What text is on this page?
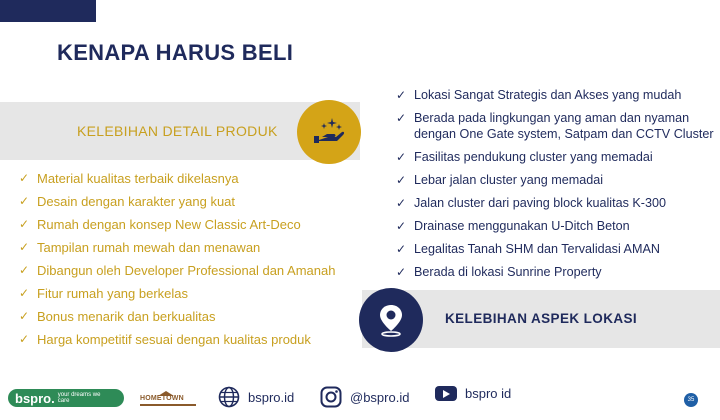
KENAPA HARUS BELI
KELEBIHAN DETAIL PRODUK
✓ Material kualitas terbaik dikelasnya
✓ Desain dengan karakter yang kuat
✓ Rumah dengan konsep New Classic Art-Deco
✓ Tampilan rumah mewah dan menawan
✓ Dibangun oleh Developer Professional dan Amanah
✓ Fitur rumah yang berkelas
✓ Bonus menarik dan berkualitas
✓ Harga kompetitif sesuai dengan kualitas produk
✓ Lokasi Sangat Strategis dan Akses yang mudah
✓ Berada pada lingkungan yang aman dan nyaman dengan One Gate system, Satpam dan CCTV Cluster
✓ Fasilitas pendukung cluster yang memadai
✓ Lebar jalan cluster yang memadai
✓ Jalan cluster dari paving block kualitas K-300
✓ Drainase menggunakan U-Ditch Beton
✓ Legalitas Tanah SHM dan Tervalidasi AMAN
✓ Berada di lokasi Sunrine Property
KELEBIHAN ASPEK LOKASI
bspro. your dreams we care	HOMETOWN	bspro.id	@bspro.id	bspro id	35
